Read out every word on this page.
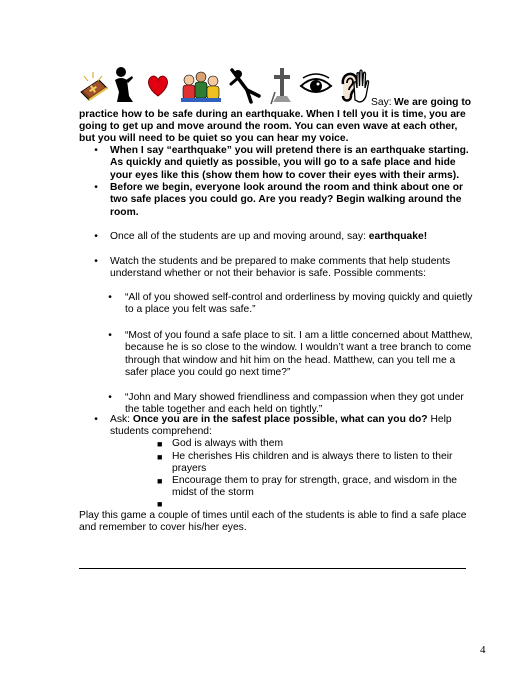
Say: We are going to
practice how to be safe during an earthquake. When I tell you it is time, you are
going to get up and move around the room. You can even wave at each other,
but you will need to be quiet so you can hear my voice.
•	When I say “earthquake” you will pretend there is an earthquake starting.
As quickly and quietly as possible, you will go to a safe place and hide
your eyes like this (show them how to cover their eyes with their arms).
•	Before we begin, everyone look around the room and think about one or
two safe places you could go. Are you ready? Begin walking around the
room.
•	Once all of the students are up and moving around, say: earthquake!
•	Watch the students and be prepared to make comments that help students
understand whether or not their behavior is safe. Possible comments:
•	“All of you showed self-control and orderliness by moving quickly and quietly
to a place you felt was safe.”
•	“Most of you found a safe place to sit. I am a little concerned about Matthew,
because he is so close to the window. I wouldn’t want a tree branch to come
through that window and hit him on the head. Matthew, can you tell me a
safer place you could go next time?”
•	“John and Mary showed friendliness and compassion when they got under
the table together and each held on tightly.”
•	Ask: Once you are in the safest place possible, what can you do? Help
students comprehend:
■ God is always with them
■ He cherishes His children and is always there to listen to their
prayers
■ Encourage them to pray for strength, grace, and wisdom in the
midst of the storm
■
Play this game a couple of times until each of the students is able to find a safe place
and remember to cover his/her eyes.
4
